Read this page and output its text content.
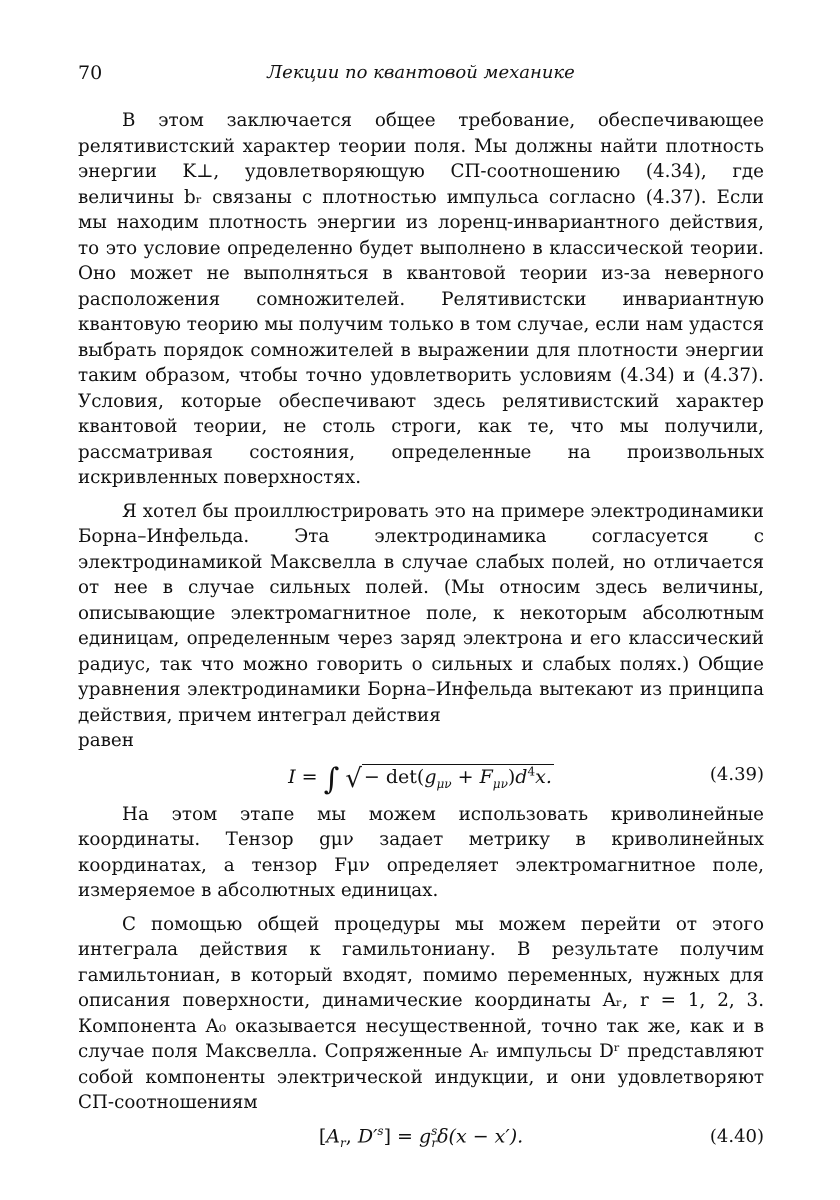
70	Лекции по квантовой механике

В этом заключается общее требование, обеспечивающее релятивистский характер теории поля. Мы должны найти плотность энергии K⊥, удовлетворяющую СП-соотношению (4.34), где величины bᵣ связаны с плотностью импульса согласно (4.37). Если мы находим плотность энергии из лоренц-инвариантного действия, то это условие определенно будет выполнено в классической теории. Оно может не выполняться в квантовой теории из-за неверного расположения сомножителей. Релятивистски инвариантную квантовую теорию мы получим только в том случае, если нам удастся выбрать порядок сомножителей в выражении для плотности энергии таким образом, чтобы точно удовлетворить условиям (4.34) и (4.37). Условия, которые обеспечивают здесь релятивистский характер квантовой теории, не столь строги, как те, что мы получили, рассматривая состояния, определенные на произвольных искривленных поверхностях.

Я хотел бы проиллюстрировать это на примере электродинамики Борна–Инфельда. Эта электродинамика согласуется с электродинамикой Максвелла в случае слабых полей, но отличается от нее в случае сильных полей. (Мы относим здесь величины, описывающие электромагнитное поле, к некоторым абсолютным единицам, определенным через заряд электрона и его классический радиус, так что можно говорить о сильных и слабых полях.) Общие уравнения электродинамики Борна–Инфельда вытекают из принципа действия, причем интеграл действия

равен

I = ∫ √ − $\det(g_{\mu\nu} + F_{\mu\nu})d^4x$.	(4.39)

На этом этапе мы можем использовать криволинейные координаты. Тензор gμν задает метрику в криволинейных координатах, а тензор Fμν определяет электромагнитное поле, измеряемое в абсолютных единицах.

С помощью общей процедуры мы можем перейти от этого интеграла действия к гамильтониану. В результате получим гамильтониан, в который входят, помимо переменных, нужных для описания поверхности, динамические координаты Aᵣ, r = 1, 2, 3. Компонента A₀ оказывается несущественной, точно так же, как и в случае поля Максвелла. Сопряженные Aᵣ импульсы Dʳ представляют собой компоненты электрической индукции, и они удовлетворяют СП-соотношениям

[$A_r$, $D'^s] = g^s_r\delta(x - x')$.	(4.40)
